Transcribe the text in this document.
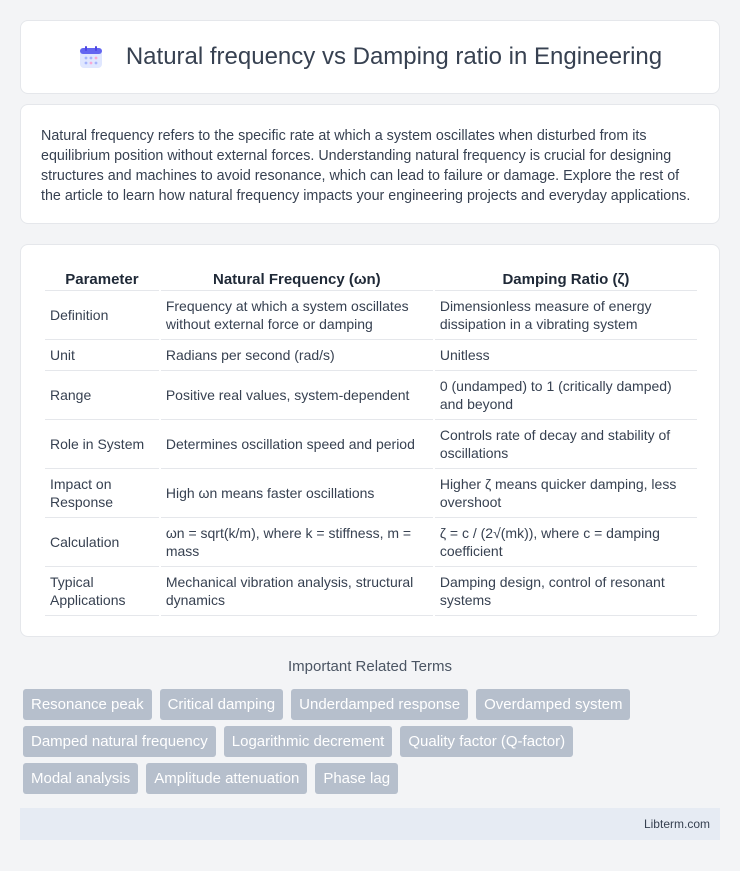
Natural frequency vs Damping ratio in Engineering

Natural frequency refers to the specific rate at which a system oscillates when disturbed from its equilibrium position without external forces. Understanding natural frequency is crucial for designing structures and machines to avoid resonance, which can lead to failure or damage. Explore the rest of the article to learn how natural frequency impacts your engineering projects and everyday applications.

Parameter	Natural Frequency (ωn)	Damping Ratio (ζ)
Definition	Frequency at which a system oscillates without external force or damping	Dimensionless measure of energy dissipation in a vibrating system
Unit	Radians per second (rad/s)	Unitless
Range	Positive real values, system-dependent	0 (undamped) to 1 (critically damped) and beyond
Role in System	Determines oscillation speed and period	Controls rate of decay and stability of oscillations
Impact on Response	High ωn means faster oscillations	Higher ζ means quicker damping, less overshoot
Calculation	ωn = sqrt(k/m), where k = stiffness, m = mass	ζ = c / (2√(mk)), where c = damping coefficient
Typical Applications	Mechanical vibration analysis, structural dynamics	Damping design, control of resonant systems
Important Related Terms
Resonance peak	Critical damping	Underdamped response	Overdamped system
Damped natural frequency	Logarithmic decrement	Quality factor (Q-factor)
Modal analysis	Amplitude attenuation	Phase lag
Libterm.com
